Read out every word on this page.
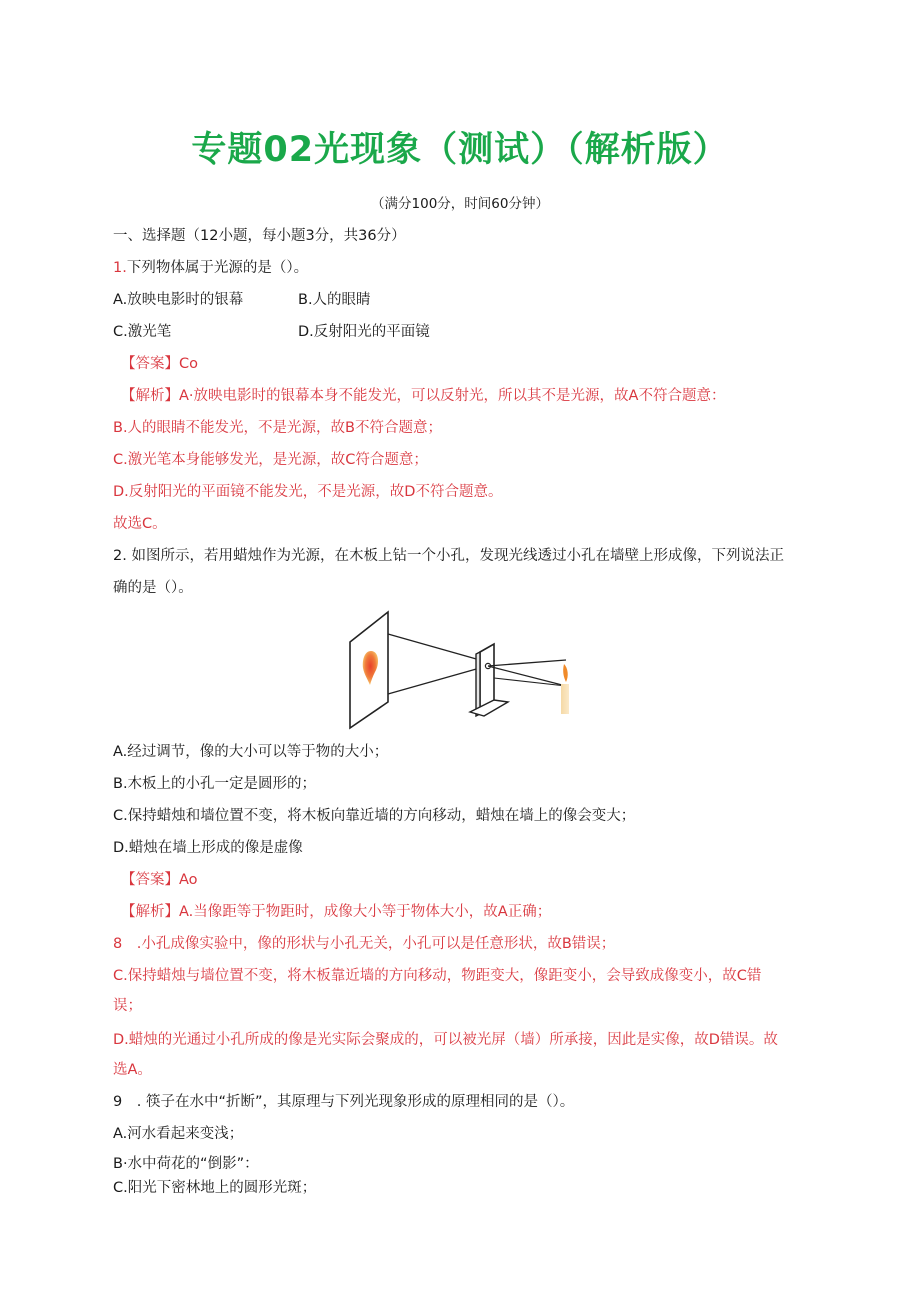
专题02光现象（测试）（解析版）
（满分100分，时间60分钟）
一、选择题（12小题，每小题3分，共36分）
1.下列物体属于光源的是（）。
A.放映电影时的银幕	B.人的眼睛
C.激光笔	D.反射阳光的平面镜
【答案】Co
【解析】A·放映电影时的银幕本身不能发光，可以反射光，所以其不是光源，故A不符合题意：
B.人的眼睛不能发光，不是光源，故B不符合题意；
C.激光笔本身能够发光，是光源，故C符合题意；
D.反射阳光的平面镜不能发光，不是光源，故D不符合题意。
故选C。
2. 如图所示，若用蜡烛作为光源，在木板上钻一个小孔，发现光线透过小孔在墙壁上形成像，下列说法正
确的是（）。
A.经过调节，像的大小可以等于物的大小；
B.木板上的小孔一定是圆形的；
C.保持蜡烛和墙位置不变，将木板向靠近墙的方向移动，蜡烛在墙上的像会变大；
D.蜡烛在墙上形成的像是虚像
【答案】Ao
【解析】A.当像距等于物距时，成像大小等于物体大小，故A正确；
8　.小孔成像实验中，像的形状与小孔无关，小孔可以是任意形状，故B错误；
C.保持蜡烛与墙位置不变，将木板靠近墙的方向移动，物距变大，像距变小，会导致成像变小，故C错
误；
D.蜡烛的光通过小孔所成的像是光实际会聚成的，可以被光屏（墙）所承接，因此是实像，故D错误。故
选A。
9　. 筷子在水中“折断”，其原理与下列光现象形成的原理相同的是（）。
A.河水看起来变浅；
B·水中荷花的“倒影”：
C.阳光下密林地上的圆形光斑；
